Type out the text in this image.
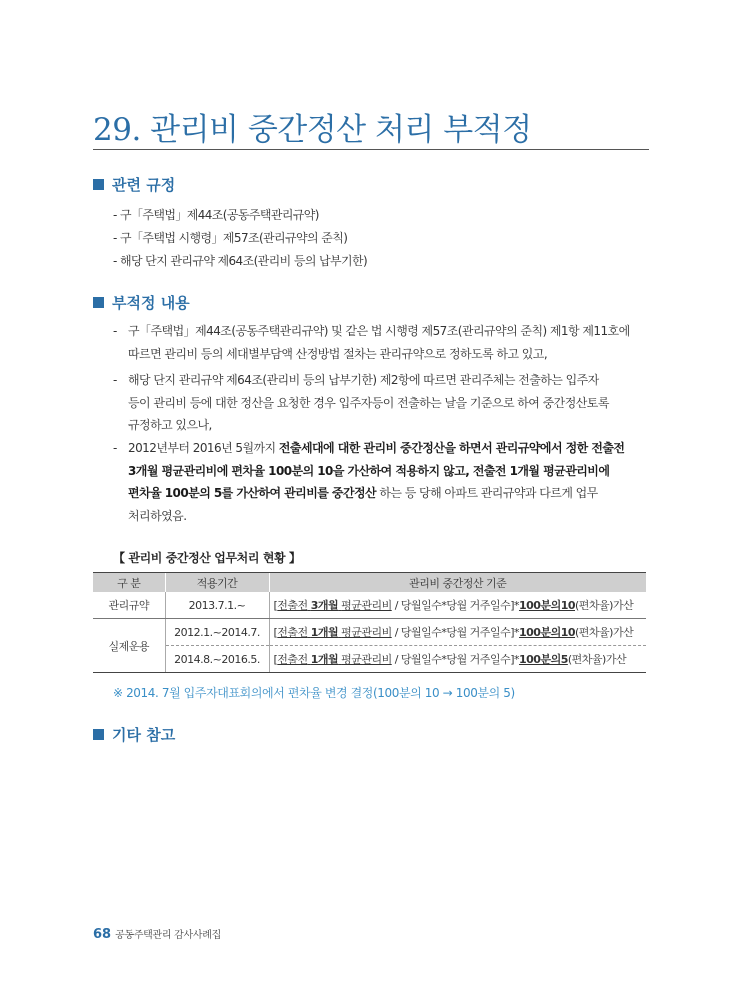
29. 관리비 중간정산 처리 부적정
관련 규정
- 구「주택법」제44조(공동주택관리규약)
- 구「주택법 시행령」제57조(관리규약의 준칙)
- 해당 단지 관리규약 제64조(관리비 등의 납부기한)
부적정 내용
- 구「주택법」제44조(공동주택관리규약) 및 같은 법 시행령 제57조(관리규약의 준칙) 제1항 제11호에
따르면 관리비 등의 세대별부담액 산정방법 절차는 관리규약으로 정하도록 하고 있고,
- 해당 단지 관리규약 제64조(관리비 등의 납부기한) 제2항에 따르면 관리주체는 전출하는 입주자
등이 관리비 등에 대한 정산을 요청한 경우 입주자등이 전출하는 날을 기준으로 하여 중간정산토록
규정하고 있으나,
- 2012년부터 2016년 5월까지 전출세대에 대한 관리비 중간정산을 하면서 관리규약에서 정한 전출전
3개월 평균관리비에 편차율 100분의 10을 가산하여 적용하지 않고, 전출전 1개월 평균관리비에
편차율 100분의 5를 가산하여 관리비를 중간정산 하는 등 당해 아파트 관리규약과 다르게 업무
처리하였음.
【 관리비 중간정산 업무처리 현황 】
구 분	적용기간	관리비 중간정산 기준
관리규약	2013.7.1.~	[전출전 3개월 평균관리비 / 당월일수*당월 거주일수]*100분의10(편차율)가산
실제운용	2012.1.~2014.7.	[전출전 1개월 평균관리비 / 당월일수*당월 거주일수]*100분의10(편차율)가산
	2014.8.~2016.5.	[전출전 1개월 평균관리비 / 당월일수*당월 거주일수]*100분의5(편차율)가산
※ 2014. 7월 입주자대표회의에서 편차율 변경 결정(100분의 10 → 100분의 5)
기타 참고
68 공동주택관리 감사사례집
